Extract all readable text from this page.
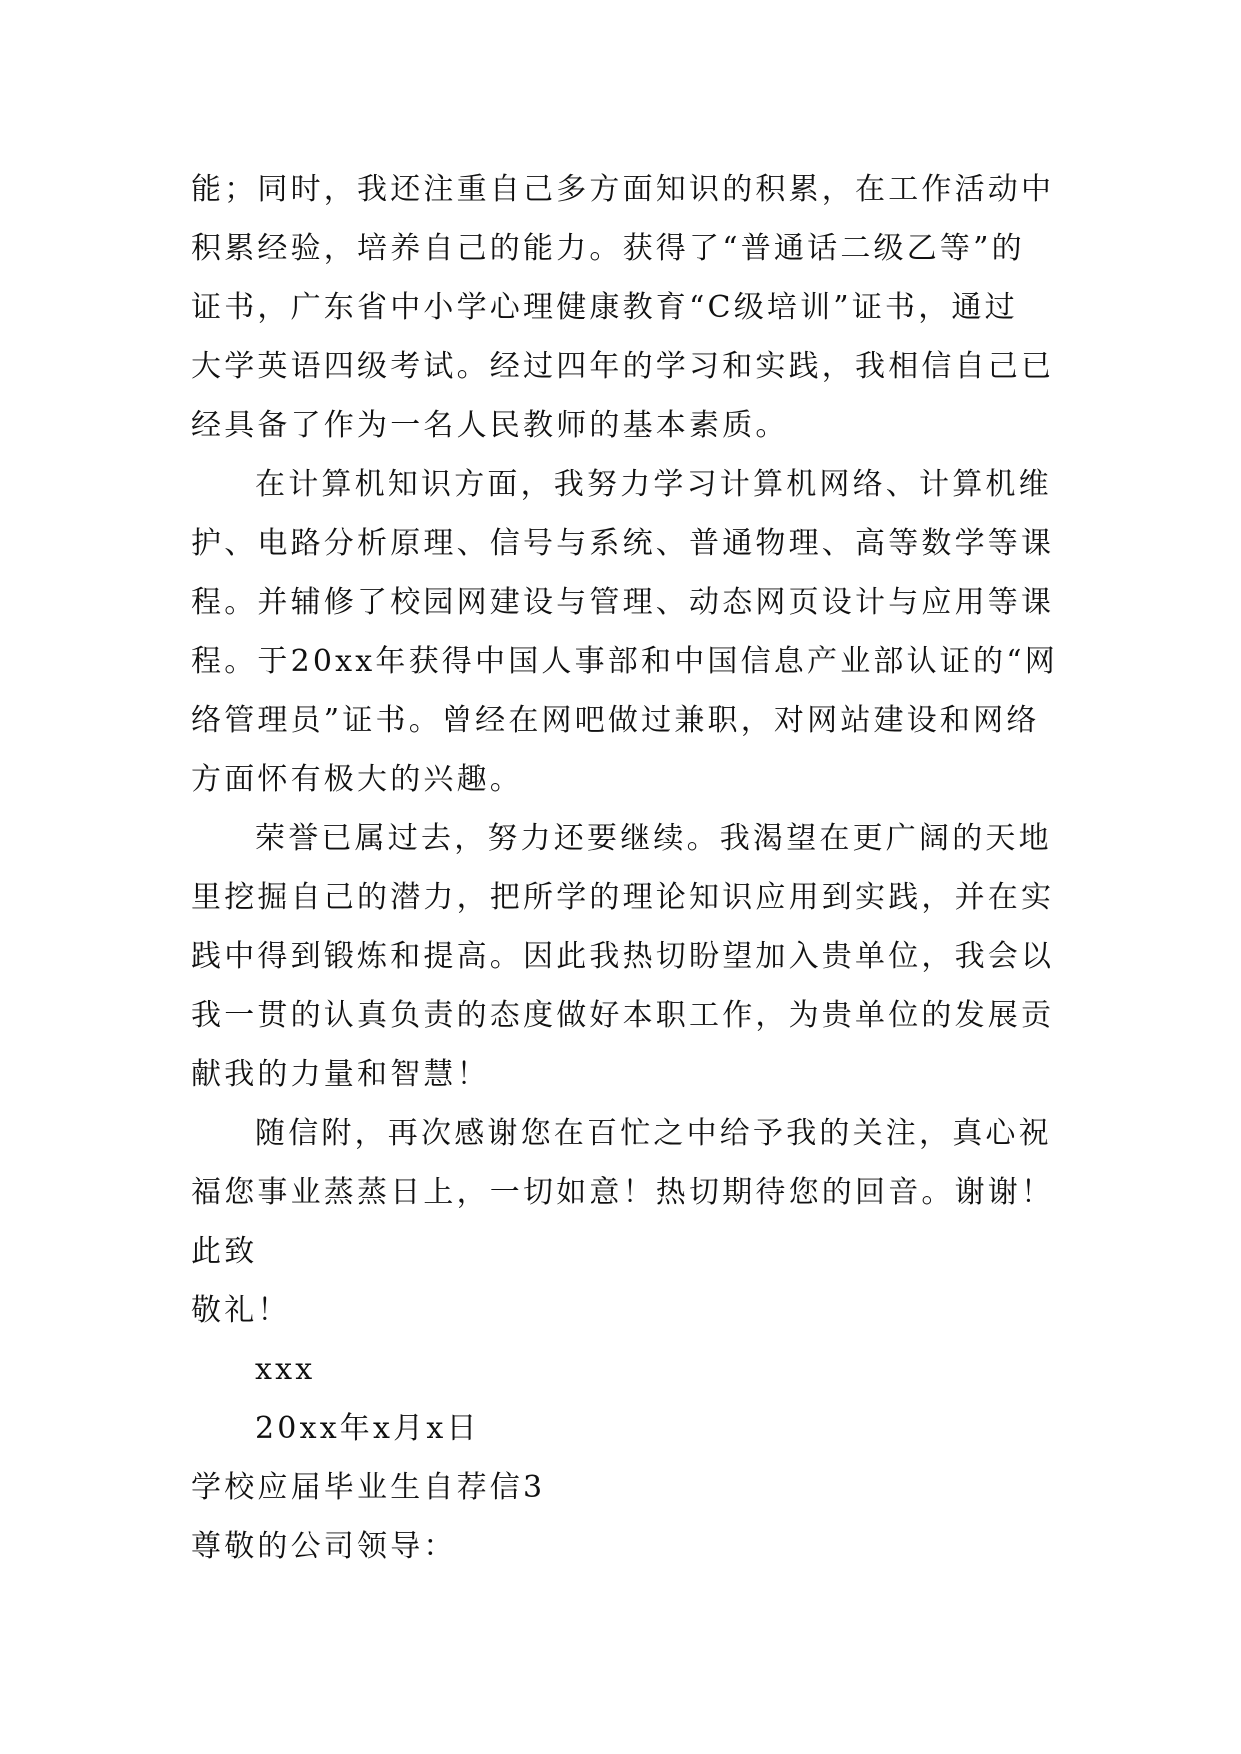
能；同时，我还注重自己多方面知识的积累，在工作活动中
积累经验，培养自己的能力。获得了“普通话二级乙等”的
证书，广东省中小学心理健康教育“C级培训”证书，通过
大学英语四级考试。经过四年的学习和实践，我相信自己已
经具备了作为一名人民教师的基本素质。
在计算机知识方面，我努力学习计算机网络、计算机维
护、电路分析原理、信号与系统、普通物理、高等数学等课
程。并辅修了校园网建设与管理、动态网页设计与应用等课
程。于20xx年获得中国人事部和中国信息产业部认证的“网
络管理员”证书。曾经在网吧做过兼职，对网站建设和网络
方面怀有极大的兴趣。
荣誉已属过去，努力还要继续。我渴望在更广阔的天地
里挖掘自己的潜力，把所学的理论知识应用到实践，并在实
践中得到锻炼和提高。因此我热切盼望加入贵单位，我会以
我一贯的认真负责的态度做好本职工作，为贵单位的发展贡
献我的力量和智慧！
随信附，再次感谢您在百忙之中给予我的关注，真心祝
福您事业蒸蒸日上，一切如意！热切期待您的回音。谢谢！
此致
敬礼！
xxx
20xx年x月x日
学校应届毕业生自荐信3
尊敬的公司领导：
